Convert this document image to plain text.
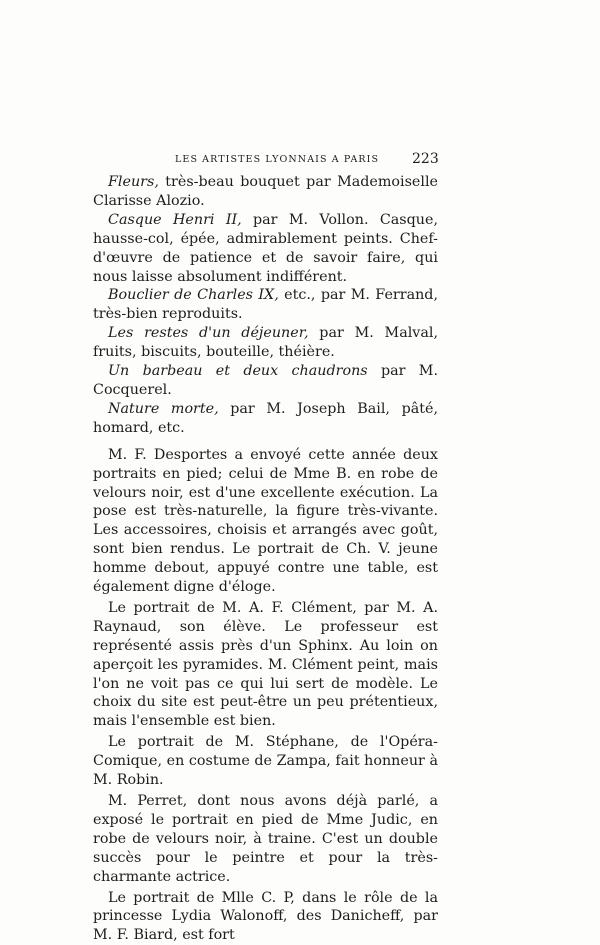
LES ARTISTES LYONNAIS A PARIS 223

Fleurs, très-beau bouquet par Mademoiselle Clarisse Alozio.

Casque Henri II, par M. Vollon. Casque, hausse-col, épée, admirablement peints. Chef-d'œuvre de patience et de savoir faire, qui nous laisse absolument indifférent.

Bouclier de Charles IX, etc., par M. Ferrand, très-bien reproduits.

Les restes d'un déjeuner, par M. Malval, fruits, biscuits, bouteille, théière.

Un barbeau et deux chaudrons par M. Cocquerel.

Nature morte, par M. Joseph Bail, pâté, homard, etc.

M. F. Desportes a envoyé cette année deux portraits en pied; celui de Mme B. en robe de velours noir, est d'une excellente exécution. La pose est très-naturelle, la figure très-vivante. Les accessoires, choisis et arrangés avec goût, sont bien rendus. Le portrait de Ch. V. jeune homme debout, appuyé contre une table, est également digne d'éloge.

Le portrait de M. A. F. Clément, par M. A. Raynaud, son élève. Le professeur est représenté assis près d'un Sphinx. Au loin on aperçoit les pyramides. M. Clément peint, mais l'on ne voit pas ce qui lui sert de modèle. Le choix du site est peut-être un peu prétentieux, mais l'ensemble est bien.

Le portrait de M. Stéphane, de l'Opéra-Comique, en costume de Zampa, fait honneur à M. Robin.

M. Perret, dont nous avons déjà parlé, a exposé le portrait en pied de Mme Judic, en robe de velours noir, à traine. C'est un double succès pour le peintre et pour la très-charmante actrice.

Le portrait de Mlle C. P, dans le rôle de la princesse Lydia Walonoff, des Danicheff, par M. F. Biard, est fort
